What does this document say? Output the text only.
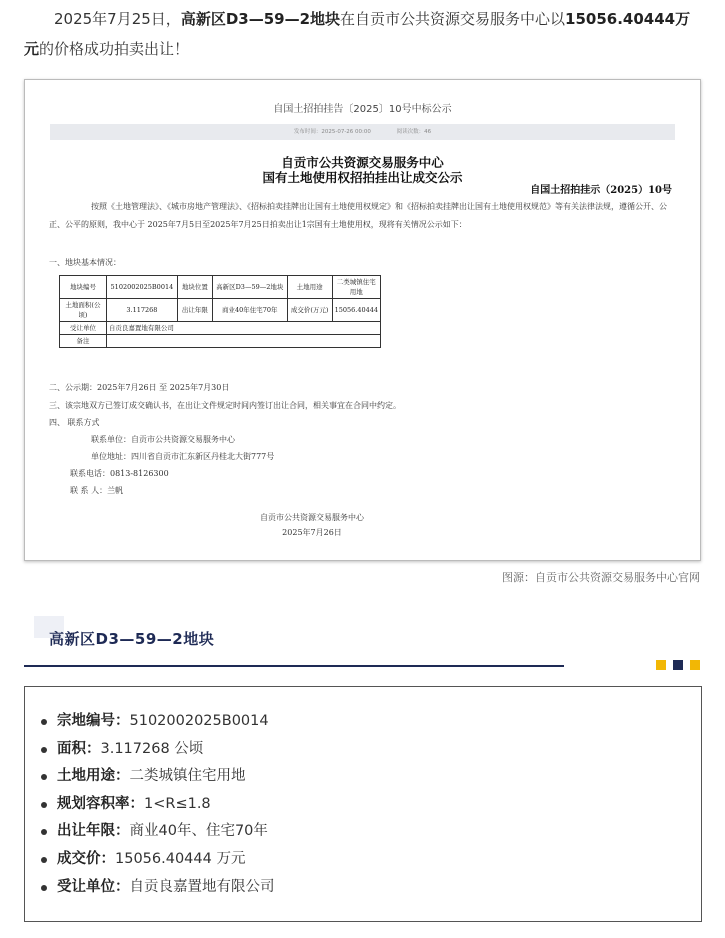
2025年7月25日，高新区D3—59—2地块在自贡市公共资源交易服务中心以15056.40444万元的价格成功拍卖出让！
自国土招拍挂告〔2025〕10号中标公示
发布时间：2025-07-26 00:00	阅读次数：46
自贡市公共资源交易服务中心
国有土地使用权招拍挂出让成交公示
自国土招拍挂示（2025）10号
按照《土地管理法》、《城市房地产管理法》、《招标拍卖挂牌出让国有土地使用权规定》和《招标拍卖挂牌出让国有土地使用权规范》等有关法律法规，遵循公开、公正、公平的原则，我中心于 2025年7月5日至2025年7月25日拍卖出让1宗国有土地使用权，现将有关情况公示如下：
一、地块基本情况：
地块编号	5102002025B0014	地块位置	高新区D3—59—2地块	土地用途	二类城镇住宅用地
土地面积(公顷)	3.117268	出让年限	商业40年住宅70年	成交价(万元)	15056.40444
受让单位	自贡良嘉置地有限公司				
备注					
二、公示期：2025年7月26日 至 2025年7月30日
三、该宗地双方已签订成交确认书，在出让文件规定时间内签订出让合同，相关事宜在合同中约定。
四、 联系方式
联系单位：自贡市公共资源交易服务中心
单位地址：四川省自贡市汇东新区丹桂北大街777号
联系电话：0813-8126300
联 系 人：兰帆
自贡市公共资源交易服务中心
2025年7月26日
图源：自贡市公共资源交易服务中心官网
高新区D3—59—2地块
宗地编号：5102002025B0014
面积：3.117268 公顷
土地用途：二类城镇住宅用地
规划容积率：1<R≤1.8
出让年限：商业40年、住宅70年
成交价：15056.40444 万元
受让单位：自贡良嘉置地有限公司
